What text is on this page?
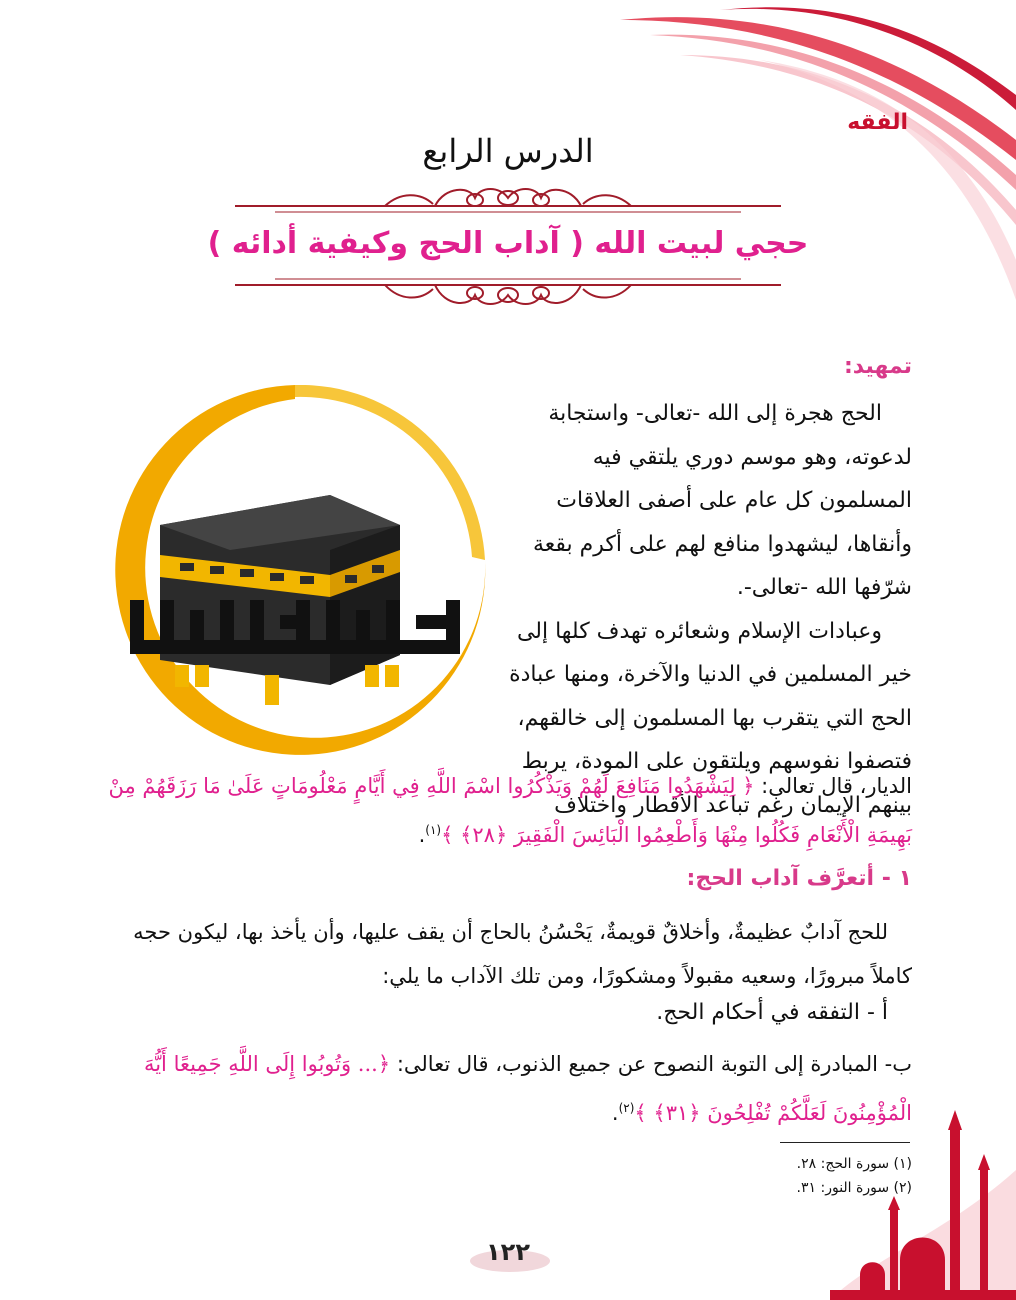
الفقه
الدرس الرابع
حجي لبيت الله ( آداب الحج وكيفية أدائه )
تمهيد:
الحج هجرة إلى الله -تعالى- واستجابة لدعوته، وهو موسم دوري يلتقي فيه المسلمون كل عام على أصفى العلاقات وأنقاها، ليشهدوا منافع لهم على أكرم بقعة شرّفها الله -تعالى-.
وعبادات الإسلام وشعائره تهدف كلها إلى خير المسلمين في الدنيا والآخرة، ومنها عبادة الحج التي يتقرب بها المسلمون إلى خالقهم، فتصفوا نفوسهم ويلتقون على المودة، يربط بينهم الإيمان رغم تباعد الأقطار واختلاف
الديار، قال تعالى: ﴿ لِيَشْهَدُوا مَنَافِعَ لَهُمْ وَيَذْكُرُوا اسْمَ اللَّهِ فِي أَيَّامٍ مَعْلُومَاتٍ عَلَىٰ مَا رَزَقَهُمْ مِنْ بَهِيمَةِ الْأَنْعَامِ فَكُلُوا مِنْهَا وَأَطْعِمُوا الْبَائِسَ الْفَقِيرَ ﴿٢٨﴾ ﴾$^{(١)}$.
١ - أتعرَّف آداب الحج:
للحج آدابٌ عظيمةٌ، وأخلاقٌ قويمةٌ، يَحْسُنُ بالحاج أن يقف عليها، وأن يأخذ بها، ليكون حجه كاملاً مبرورًا، وسعيه مقبولاً ومشكورًا، ومن تلك الآداب ما يلي:
أ - التفقه في أحكام الحج.
ب- المبادرة إلى التوبة النصوح عن جميع الذنوب، قال تعالى: ﴿... وَتُوبُوا إِلَى اللَّهِ جَمِيعًا أَيُّهَ الْمُؤْمِنُونَ لَعَلَّكُمْ تُفْلِحُونَ ﴿٣١﴾ ﴾$^{(٢)}$.
(١) سورة الحج: ٢٨.
(٢) سورة النور: ٣١.
١٢٢
